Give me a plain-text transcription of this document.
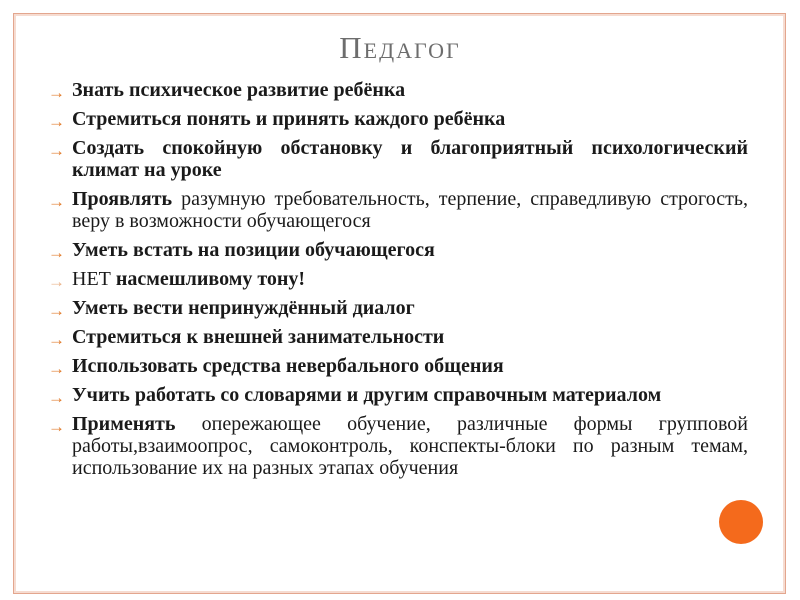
Педагог
→ Знать психическое развитие ребёнка
→ Стремиться понять и принять каждого ребёнка
→ Создать спокойную обстановку и благоприятный психологический климат на уроке
→ Проявлять разумную требовательность, терпение, справедливую строгость, веру в возможности обучающегося
→ Уметь встать на позиции обучающегося
→ НЕТ насмешливому тону!
→ Уметь вести непринуждённый диалог
→ Стремиться к внешней занимательности
→ Использовать средства невербального общения
→ Учить работать со словарями и другим справочным материалом
→ Применять опережающее обучение, различные формы групповой работы,взаимоопрос, самоконтроль, конспекты-блоки по разным темам, использование их на разных этапах обучения
